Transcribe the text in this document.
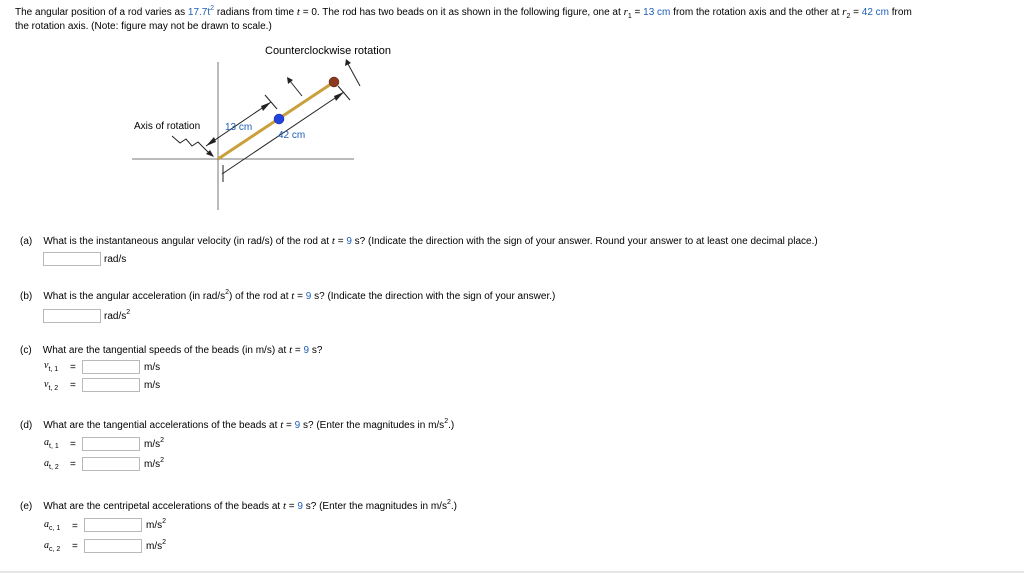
The angular position of a rod varies as $17.7t^2$ radians from time t = 0. The rod has two beads on it as shown in the following figure, one at $r_1 = 13$ cm from the rotation axis and the other at $r_2 = 42$ cm from
the rotation axis. (Note: figure may not be drawn to scale.)
Counterclockwise rotation
Axis of rotation 13 cm
42 cm
(a) What is the instantaneous angular velocity (in rad/s) of the rod at t = 9 s? (Indicate the direction with the sign of your answer. Round your answer to at least one decimal place.)
rad/s
(b) What is the angular acceleration (in rad/$s^2$) of the rod at t = 9 s? (Indicate the direction with the sign of your answer.)
rad/$s^2$
(c) What are the tangential speeds of the beads (in m/s) at t = 9 s?
$v_{t, 1}$ =	m/s
$v_{t, 2}$ =	m/s
(d) What are the tangential accelerations of the beads at t = 9 s? (Enter the magnitudes in $m/s^2$.)
$a_{t, 1}$ =	$m/s^2$
$a_{t, 2}$ =	$m/s^2$
(e) What are the centripetal accelerations of the beads at t = 9 s? (Enter the magnitudes in $m/s^2$.)
$a_{c, 1}$ =	$m/s^2$
$a_{c, 2}$ =	$m/s^2$
